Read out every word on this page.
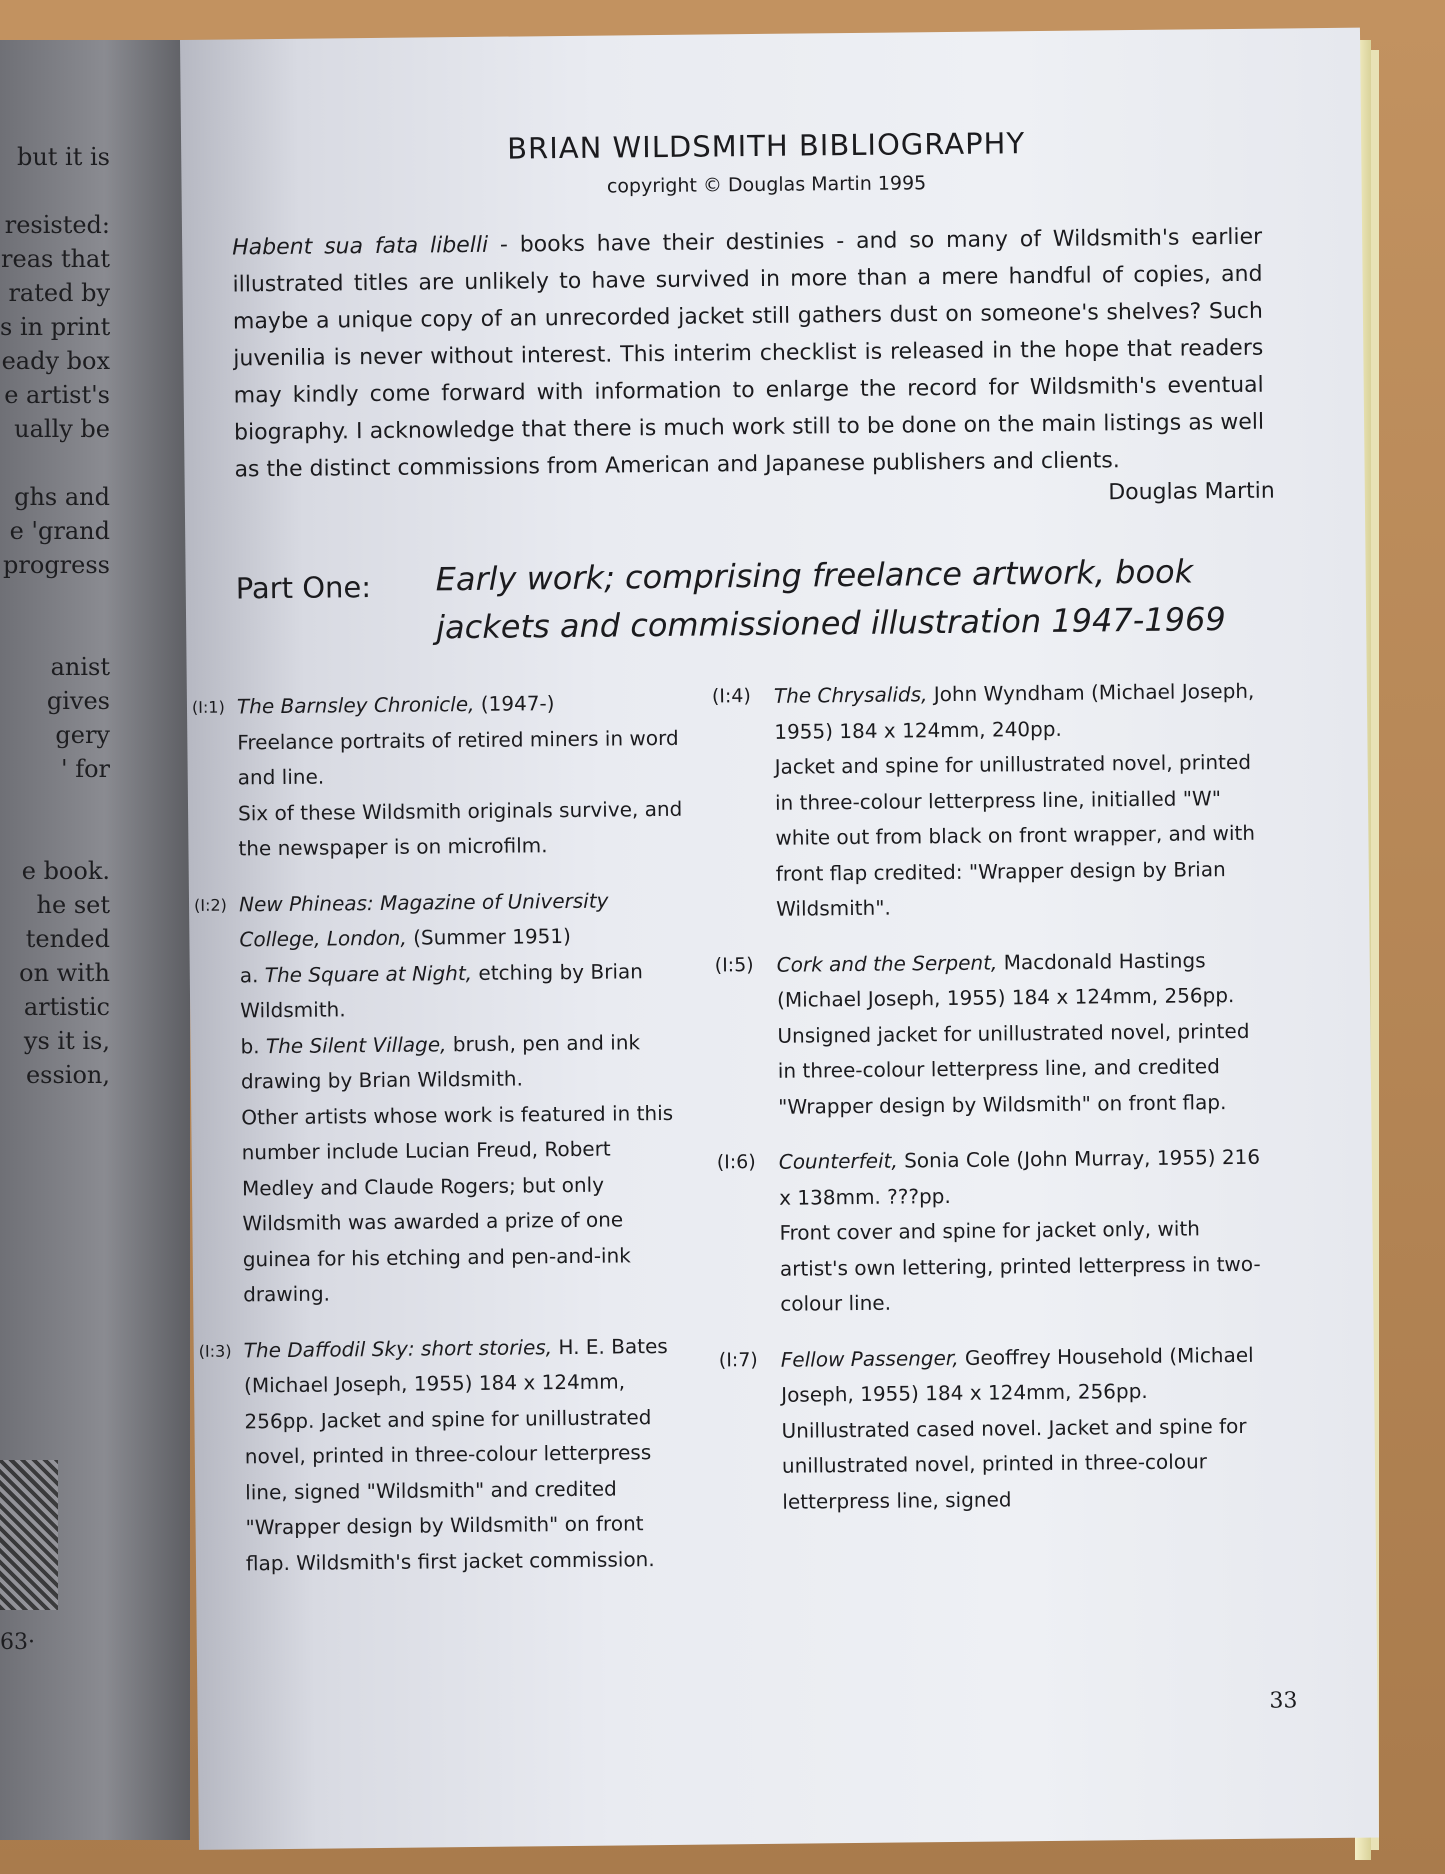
but it is

resisted:
reas that
rated by
s in print
eady box
e artist's
ually be

ghs and
e 'grand
progress

anist
gives
gery
' for

e book.
he set
tended
on with
artistic
ys it is,
ession,
63·
BRIAN WILDSMITH BIBLIOGRAPHY
copyright © Douglas Martin 1995
Habent sua fata libelli - books have their destinies - and so many of Wildsmith's earlier illustrated titles are unlikely to have survived in more than a mere handful of copies, and maybe a unique copy of an unrecorded jacket still gathers dust on someone's shelves? Such juvenilia is never without interest. This interim checklist is released in the hope that readers may kindly come forward with information to enlarge the record for Wildsmith's eventual biography. I acknowledge that there is much work still to be done on the main listings as well as the distinct commissions from American and Japanese publishers and clients.
Douglas Martin
Part One: Early work; comprising freelance artwork, book jackets and commissioned illustration 1947-1969
(I:1) The Barnsley Chronicle, (1947-)
Freelance portraits of retired miners in word and line.
Six of these Wildsmith originals survive, and the newspaper is on microfilm.
(I:2) New Phineas: Magazine of University College, London, (Summer 1951)
a. The Square at Night, etching by Brian Wildsmith.
b. The Silent Village, brush, pen and ink drawing by Brian Wildsmith.
Other artists whose work is featured in this number include Lucian Freud, Robert Medley and Claude Rogers; but only Wildsmith was awarded a prize of one guinea for his etching and pen-and-ink drawing.
(I:3) The Daffodil Sky: short stories, H. E. Bates (Michael Joseph, 1955) 184 x 124mm, 256pp. Jacket and spine for unillustrated novel, printed in three-colour letterpress line, signed "Wildsmith" and credited "Wrapper design by Wildsmith" on front flap. Wildsmith's first jacket commission.
(I:4) The Chrysalids, John Wyndham (Michael Joseph, 1955) 184 x 124mm, 240pp.
Jacket and spine for unillustrated novel, printed in three-colour letterpress line, initialled "W" white out from black on front wrapper, and with front flap credited: "Wrapper design by Brian Wildsmith".
(I:5) Cork and the Serpent, Macdonald Hastings (Michael Joseph, 1955) 184 x 124mm, 256pp.
Unsigned jacket for unillustrated novel, printed in three-colour letterpress line, and credited "Wrapper design by Wildsmith" on front flap.
(I:6) Counterfeit, Sonia Cole (John Murray, 1955) 216 x 138mm. ???pp.
Front cover and spine for jacket only, with artist's own lettering, printed letterpress in two-colour line.
(I:7) Fellow Passenger, Geoffrey Household (Michael Joseph, 1955) 184 x 124mm, 256pp. Unillustrated cased novel. Jacket and spine for unillustrated novel, printed in three-colour letterpress line, signed
33
